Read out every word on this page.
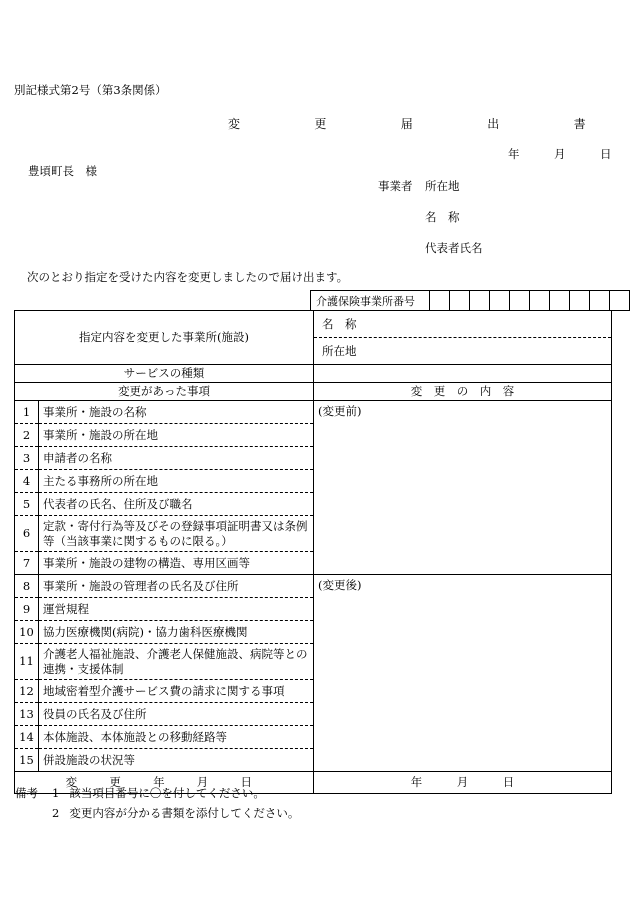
別記様式第2号（第3条関係）
変　更　届　出　書
年　　　月　　　日
豊頃町長　様
事業者 所在地
名　称
代表者氏名
次のとおり指定を受けた内容を変更しましたので届け出ます。
介護保険事業所番号										
指定内容を変更した事業所(施設)		名　称
		所在地
サービスの種類		
変更があった事項		変　更　の　内　容
1	事業所・施設の名称	(変更前)
2	事業所・施設の所在地	
3	申請者の名称	
4	主たる事務所の所在地	
5	代表者の氏名、住所及び職名	
6	定款・寄付行為等及びその登録事項証明書又は条例等（当該事業に関するものに限る。）	
7	事業所・施設の建物の構造、専用区画等	
8	事業所・施設の管理者の氏名及び住所	(変更後)
9	運営規程	
10	協力医療機関(病院)・協力歯科医療機関	
11	介護老人福祉施設、介護老人保健施設、病院等との連携・支援体制	
12	地域密着型介護サービス費の請求に関する事項	
13	役員の氏名及び住所	
14	本体施設、本体施設との移動経路等	
15	併設施設の状況等	
変　更　年　月　日		年　　　月　　　日
備考 1 該当項目番号に〇を付してください。
2 変更内容が分かる書類を添付してください。
